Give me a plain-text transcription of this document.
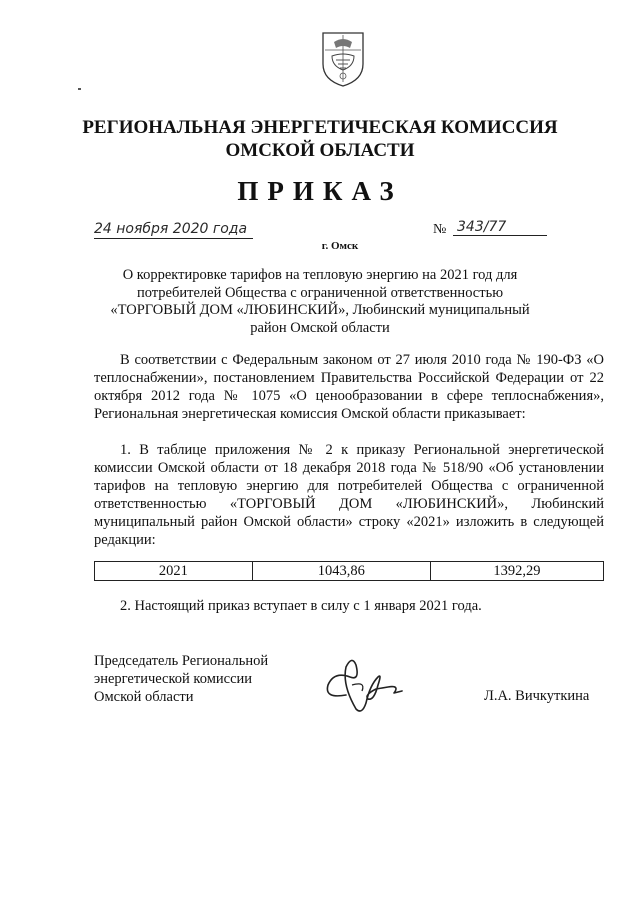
РЕГИОНАЛЬНАЯ ЭНЕРГЕТИЧЕСКАЯ КОМИССИЯ
ОМСКОЙ ОБЛАСТИ
ПРИКАЗ
24 ноября 2020 года	№ 343/77
г. Омск
О корректировке тарифов на тепловую энергию на 2021 год для
потребителей Общества с ограниченной ответственностью
«ТОРГОВЫЙ ДОМ «ЛЮБИНСКИЙ», Любинский муниципальный
район Омской области
В соответствии с Федеральным законом от 27 июля 2010 года № 190-ФЗ «О теплоснабжении», постановлением Правительства Российской Федерации от 22 октября 2012 года № 1075 «О ценообразовании в сфере теплоснабжения», Региональная энергетическая комиссия Омской области приказывает:
1. В таблице приложения № 2 к приказу Региональной энергетической комиссии Омской области от 18 декабря 2018 года № 518/90 «Об установлении тарифов на тепловую энергию для потребителей Общества с ограниченной ответственностью «ТОРГОВЫЙ ДОМ «ЛЮБИНСКИЙ», Любинский муниципальный район Омской области» строку «2021» изложить в следующей редакции:
2021	1043,86	1392,29
2. Настоящий приказ вступает в силу с 1 января 2021 года.
Председатель Региональной
энергетической комиссии
Омской области	Л.А. Вичкуткина
